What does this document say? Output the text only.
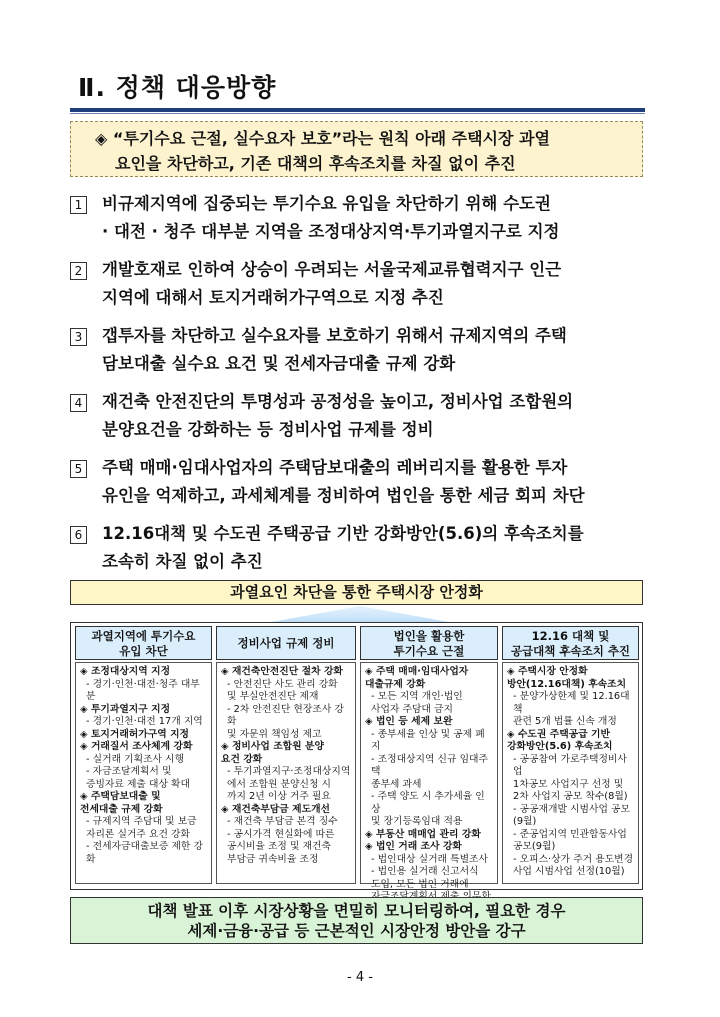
Ⅱ. 정책 대응방향
◈ “투기수요 근절, 실수요자 보호”라는 원칙 아래 주택시장 과열
요인을 차단하고, 기존 대책의 후속조치를 차질 없이 추진
1 비규제지역에 집중되는 투기수요 유입을 차단하기 위해 수도권
· 대전 · 청주 대부분 지역을 조정대상지역·투기과열지구로 지정
2 개발호재로 인하여 상승이 우려되는 서울국제교류협력지구 인근
지역에 대해서 토지거래허가구역으로 지정 추진
3 갭투자를 차단하고 실수요자를 보호하기 위해서 규제지역의 주택
담보대출 실수요 요건 및 전세자금대출 규제 강화
4 재건축 안전진단의 투명성과 공정성을 높이고, 정비사업 조합원의
분양요건을 강화하는 등 정비사업 규제를 정비
5 주택 매매·임대사업자의 주택담보대출의 레버리지를 활용한 투자
유인을 억제하고, 과세체계를 정비하여 법인을 통한 세금 회피 차단
6 12.16대책 및 수도권 주택공급 기반 강화방안(5.6)의 후속조치를
조속히 차질 없이 추진
과열요인 차단을 통한 주택시장 안정화
과열지역에 투기수요
유입 차단
◈ 조정대상지역 지정
- 경기·인천·대전·청주 대부분
◈ 투기과열지구 지정
- 경기·인천·대전 17개 지역
◈ 토지거래허가구역 지정
◈ 거래질서 조사체계 강화
- 실거래 기획조사 시행
- 자금조달계획서 및
증빙자료 제출 대상 확대
◈ 주택담보대출 및
전세대출 규제 강화
- 규제지역 주담대 및 보금
자리론 실거주 요건 강화
- 전세자금대출보증 제한 강화
정비사업 규제 정비
◈ 재건축안전진단 절차 강화
- 안전진단 사도 관리 강화
및 부실안전진단 제재
- 2차 안전진단 현장조사 강화
및 자문위 책임성 제고
◈ 정비사업 조합원 분양
요건 강화
- 투기과열지구·조정대상지역
에서 조합원 분양신청 시
까지 2년 이상 거주 필요
◈ 재건축부담금 제도개선
- 재건축 부담금 본격 징수
- 공시가격 현실화에 따른
공시비율 조정 및 재건축
부담금 귀속비율 조정
법인을 활용한
투기수요 근절
◈ 주택 매매·임대사업자
대출규제 강화
- 모든 지역 개인·법인
사업자 주담대 금지
◈ 법인 등 세제 보완
- 종부세율 인상 및 공제 폐지
- 조정대상지역 신규 임대주택
종부세 과세
- 주택 양도 시 추가세율 인상
및 장기등록임대 적용
◈ 부동산 매매업 관리 강화
◈ 법인 거래 조사 강화
- 법인대상 실거래 특별조사
- 법인용 실거래 신고서식
도입, 모든 법인 거래에
12.16 대책 및
공급대책 후속조치 추진
◈ 주택시장 안정화
방안(12.16대책) 후속조치
- 분양가상한제 및 12.16대책
관련 5개 법률 신속 개정
◈ 수도권 주택공급 기반
강화방안(5.6) 후속조치
- 공공참여 가로주택정비사업
1차공모 사업지구 선정 및
2차 사업지 공모 착수(8월)
- 공공재개발 시범사업 공모(9월)
- 준공업지역 민관합동사업
공모(9월)
- 오피스·상가 주거 용도변경
사업 시범사업 선정(10월)
대책 발표 이후 시장상황을 면밀히 모니터링하여, 필요한 경우
세제·금융·공급 등 근본적인 시장안정 방안을 강구
- 4 -
